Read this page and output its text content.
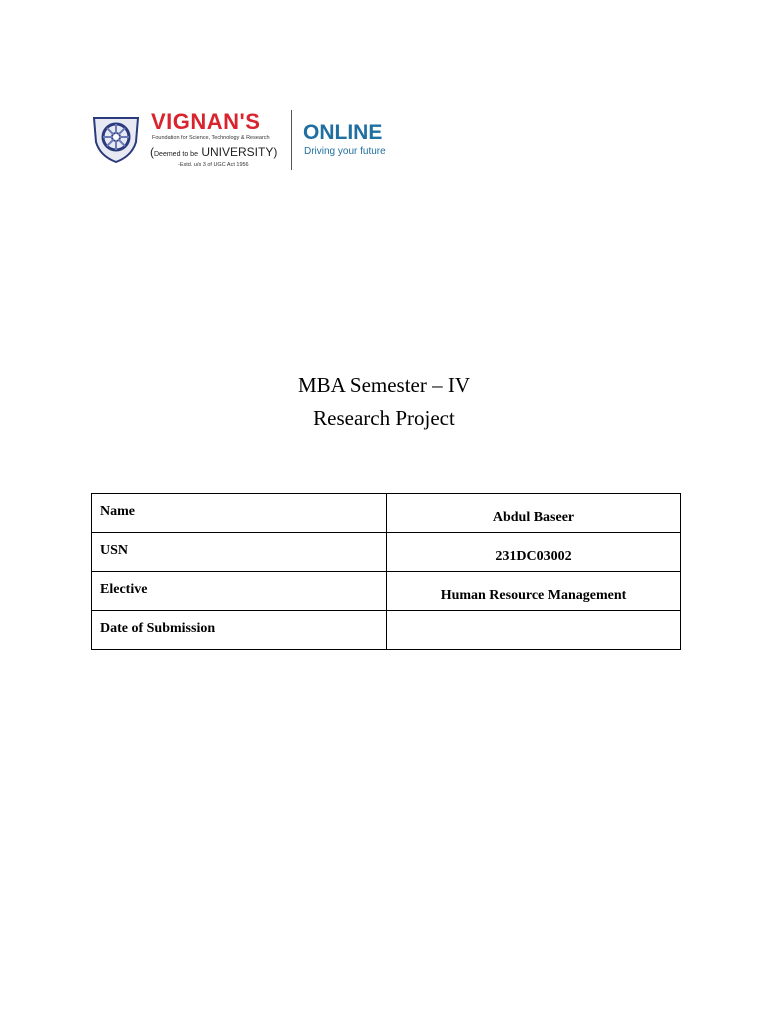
VIGNAN'S
Foundation for Science, Technology & Research
(Deemed to be UNIVERSITY)
-Estd. u/s 3 of UGC Act 1956
ONLINE
Driving your future
MBA Semester – IV
Research Project
Name	Abdul Baseer
USN	231DC03002
Elective	Human Resource Management
Date of Submission	
